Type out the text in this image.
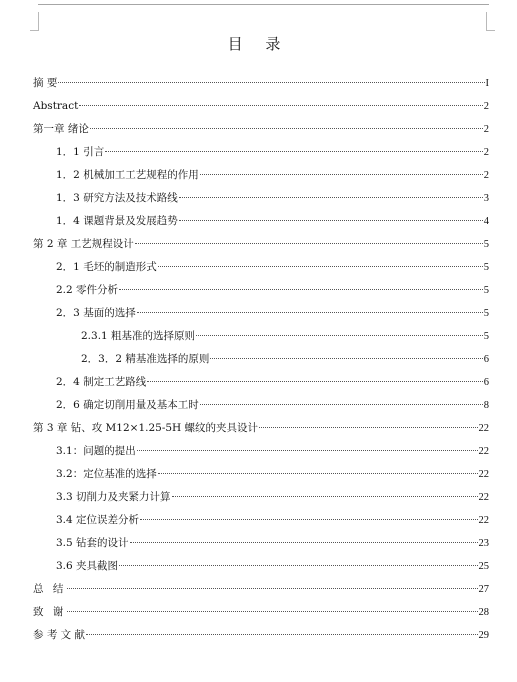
目 录
摘 要	I
Abstract	2
第一章 绪论	2
1．1 引言	2
1．2 机械加工工艺规程的作用	2
1．3 研究方法及技术路线	3
1．4 课题背景及发展趋势	4
第 2 章 工艺规程设计	5
2．1 毛坯的制造形式	5
2.2 零件分析	5
2．3 基面的选择	5
2.3.1 粗基准的选择原则	5
2．3．2 精基准选择的原则	6
2．4 制定工艺路线	6
2．6 确定切削用量及基本工时	8
第 3 章 钻、攻 M12×1.25-5H 螺纹的夹具设计	22
3.1：问题的提出	22
3.2：定位基准的选择	22
3.3 切削力及夹紧力计算	22
3.4 定位误差分析	22
3.5 钻套的设计	23
3.6 夹具截图	25
总 结	27
致 谢	28
参 考 文 献	29
